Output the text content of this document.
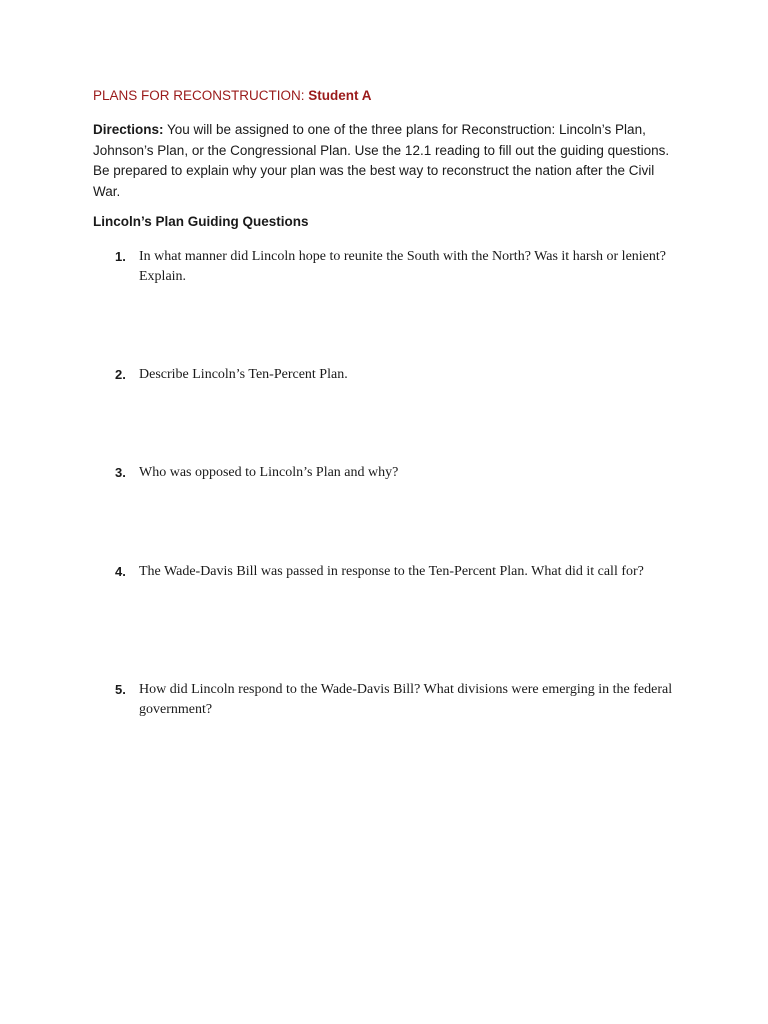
PLANS FOR RECONSTRUCTION: Student A

Directions: You will be assigned to one of the three plans for Reconstruction: Lincoln’s Plan, Johnson’s Plan, or the Congressional Plan. Use the 12.1 reading to fill out the guiding questions. Be prepared to explain why your plan was the best way to reconstruct the nation after the Civil War.

Lincoln’s Plan Guiding Questions
1. In what manner did Lincoln hope to reunite the South with the North? Was it harsh or lenient? Explain.
2. Describe Lincoln’s Ten-Percent Plan.
3. Who was opposed to Lincoln’s Plan and why?
4. The Wade-Davis Bill was passed in response to the Ten-Percent Plan. What did it call for?
5. How did Lincoln respond to the Wade-Davis Bill? What divisions were emerging in the federal government?
